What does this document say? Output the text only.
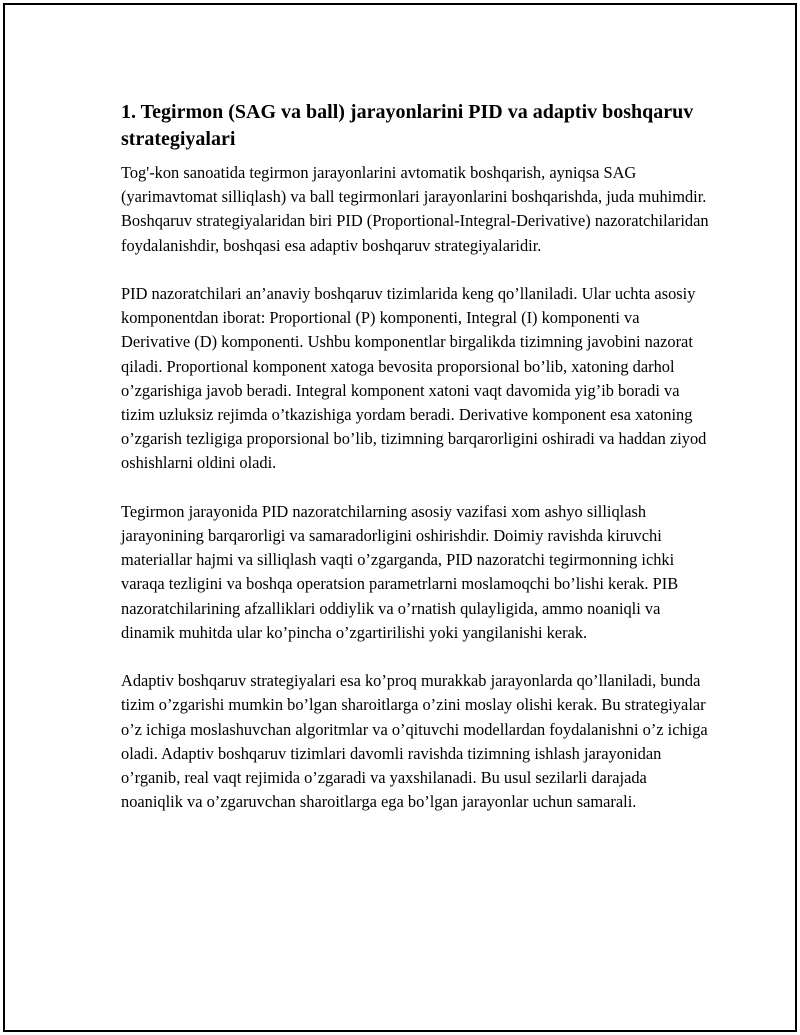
1. Tegirmon (SAG va ball) jarayonlarini PID va adaptiv boshqaruv strategiyalari

Tog'-kon sanoatida tegirmon jarayonlarini avtomatik boshqarish, ayniqsa SAG (yarimavtomat silliqlash) va ball tegirmonlari jarayonlarini boshqarishda, juda muhimdir. Boshqaruv strategiyalaridan biri PID (Proportional-Integral-Derivative) nazoratchilaridan foydalanishdir, boshqasi esa adaptiv boshqaruv strategiyalaridir.

PID nazoratchilari an’anaviy boshqaruv tizimlarida keng qo’llaniladi. Ular uchta asosiy komponentdan iborat: Proportional (P) komponenti, Integral (I) komponenti va Derivative (D) komponenti. Ushbu komponentlar birgalikda tizimning javobini nazorat qiladi. Proportional komponent xatoga bevosita proporsional bo’lib, xatoning darhol o’zgarishiga javob beradi. Integral komponent xatoni vaqt davomida yig’ib boradi va tizim uzluksiz rejimda o’tkazishiga yordam beradi. Derivative komponent esa xatoning o’zgarish tezligiga proporsional bo’lib, tizimning barqarorligini oshiradi va haddan ziyod oshishlarni oldini oladi.

Tegirmon jarayonida PID nazoratchilarning asosiy vazifasi xom ashyo silliqlash jarayonining barqarorligi va samaradorligini oshirishdir. Doimiy ravishda kiruvchi materiallar hajmi va silliqlash vaqti o’zgarganda, PID nazoratchi tegirmonning ichki varaqa tezligini va boshqa operatsion parametrlarni moslamoqchi bo’lishi kerak. PIB nazoratchilarining afzalliklari oddiylik va o’rnatish qulayligida, ammo noaniqli va dinamik muhitda ular ko’pincha o’zgartirilishi yoki yangilanishi kerak.

Adaptiv boshqaruv strategiyalari esa ko’proq murakkab jarayonlarda qo’llaniladi, bunda tizim o’zgarishi mumkin bo’lgan sharoitlarga o’zini moslay olishi kerak. Bu strategiyalar o’z ichiga moslashuvchan algoritmlar va o’qituvchi modellardan foydalanishni o’z ichiga oladi. Adaptiv boshqaruv tizimlari davomli ravishda tizimning ishlash jarayonidan o’rganib, real vaqt rejimida o’zgaradi va yaxshilanadi. Bu usul sezilarli darajada noaniqlik va o’zgaruvchan sharoitlarga ega bo’lgan jarayonlar uchun samarali.
